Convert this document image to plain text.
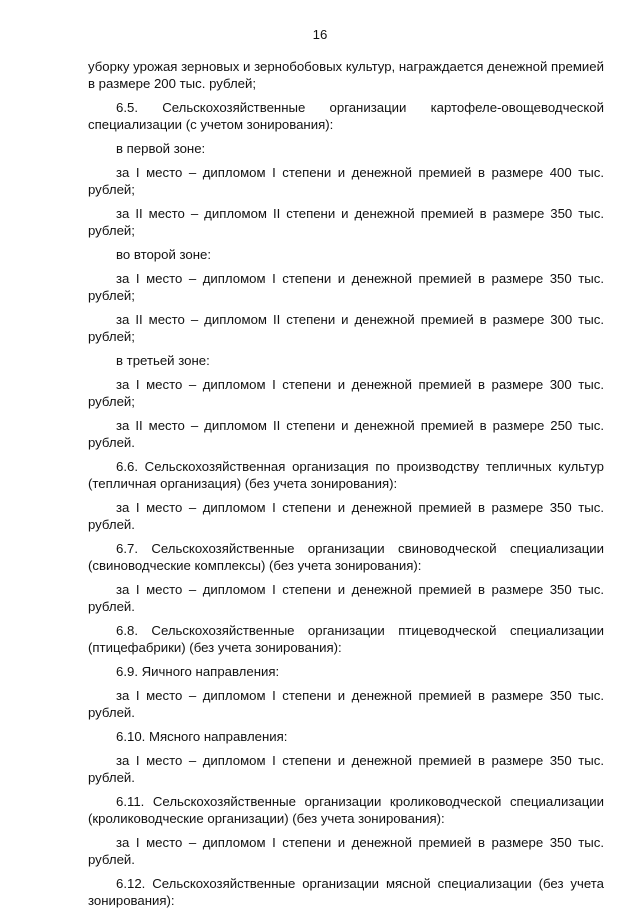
16

уборку урожая зерновых и зернобобовых культур, награждается денежной премией в размере 200 тыс. рублей;

6.5. Сельскохозяйственные организации картофеле-овощеводческой специализации (с учетом зонирования):

в первой зоне:

за I место – дипломом I степени и денежной премией в размере 400 тыс. рублей;

за II место – дипломом II степени и денежной премией в размере 350 тыс. рублей;

во второй зоне:

за I место – дипломом I степени и денежной премией в размере 350 тыс. рублей;

за II место – дипломом II степени и денежной премией в размере 300 тыс. рублей;

в третьей зоне:

за I место – дипломом I степени и денежной премией в размере 300 тыс. рублей;

за II место – дипломом II степени и денежной премией в размере 250 тыс. рублей.

6.6. Сельскохозяйственная организация по производству тепличных культур (тепличная организация) (без учета зонирования):

за I место – дипломом I степени и денежной премией в размере 350 тыс. рублей.

6.7. Сельскохозяйственные организации свиноводческой специализации (свиноводческие комплексы) (без учета зонирования):

за I место – дипломом I степени и денежной премией в размере 350 тыс. рублей.

6.8. Сельскохозяйственные организации птицеводческой специализации (птицефабрики) (без учета зонирования):

6.9. Яичного направления:

за I место – дипломом I степени и денежной премией в размере 350 тыс. рублей.

6.10. Мясного направления:

за I место – дипломом I степени и денежной премией в размере 350 тыс. рублей.

6.11. Сельскохозяйственные организации кролиководческой специализации (кролиководческие организации) (без учета зонирования):

за I место – дипломом I степени и денежной премией в размере 350 тыс. рублей.

6.12. Сельскохозяйственные организации мясной специализации (без учета зонирования):
